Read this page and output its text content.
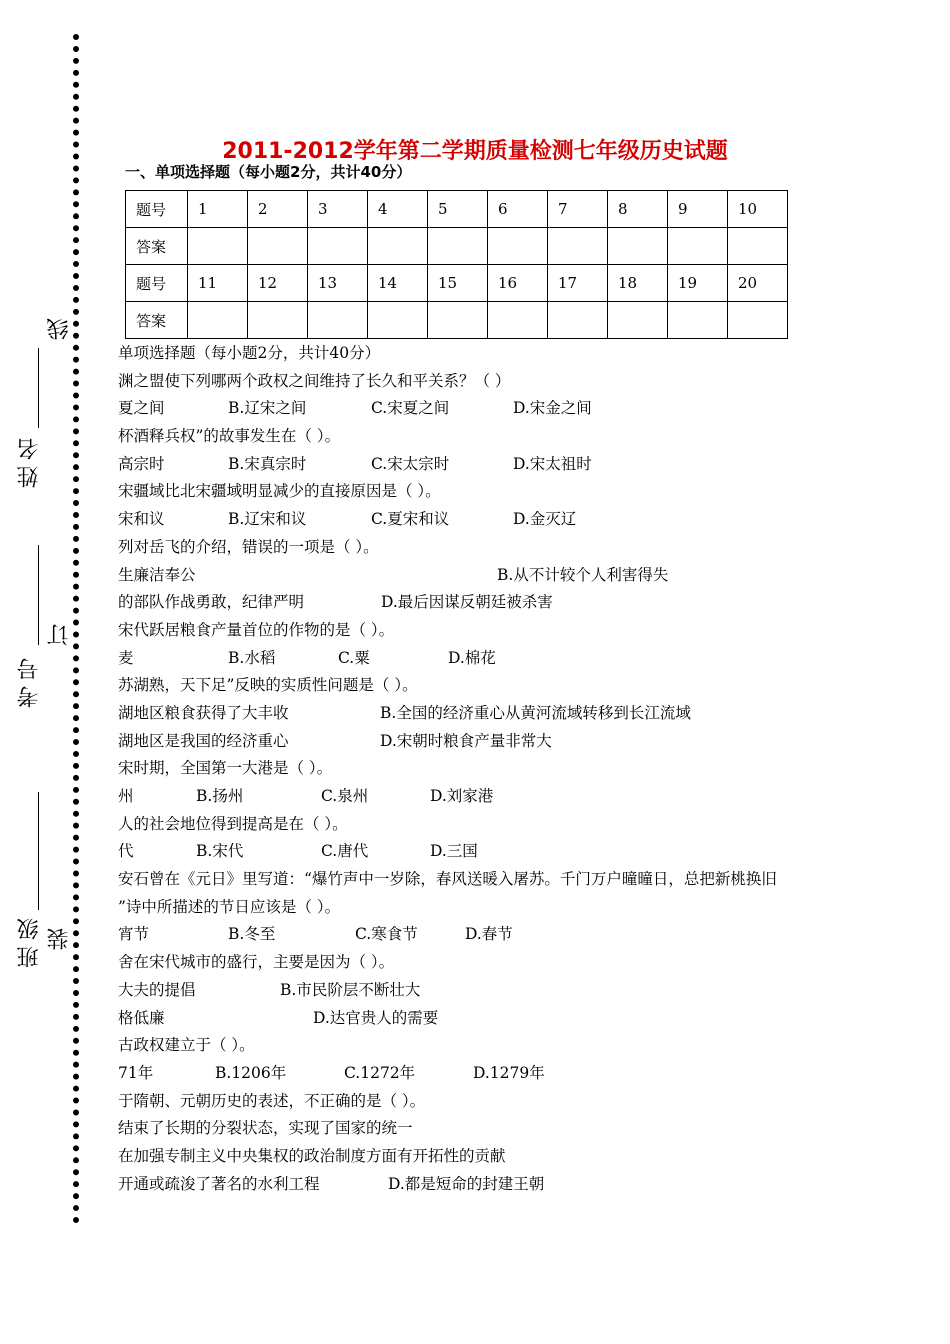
姓名
线
考号
订
班级 装
2011-2012学年第二学期质量检测七年级历史试题
一、单项选择题（每小题2分，共计40分）
题号	1	2	3	4	5	6	7	8	9	10
答案										
题号	11	12	13	14	15	16	17	18	19	20
答案										
单项选择题（每小题2分，共计40分）
渊之盟使下列哪两个政权之间维持了长久和平关系？（ ）
夏之间	B.辽宋之间	C.宋夏之间	D.宋金之间
杯酒释兵权”的故事发生在（ ）。
高宗时	B.宋真宗时	C.宋太宗时	D.宋太祖时
宋疆域比北宋疆域明显减少的直接原因是（ ）。
宋和议	B.辽宋和议	C.夏宋和议	D.金灭辽
列对岳飞的介绍，错误的一项是（ ）。
生廉洁奉公	B.从不计较个人利害得失
的部队作战勇敢，纪律严明	D.最后因谋反朝廷被杀害
宋代跃居粮食产量首位的作物的是（ ）。
麦	B.水稻	C.粟	D.棉花
苏湖熟，天下足”反映的实质性问题是（ ）。
湖地区粮食获得了大丰收	B.全国的经济重心从黄河流域转移到长江流域
湖地区是我国的经济重心	D.宋朝时粮食产量非常大
宋时期，全国第一大港是（ ）。
州	B.扬州	C.泉州	D.刘家港
人的社会地位得到提高是在（ ）。
代	B.宋代	C.唐代	D.三国
安石曾在《元日》里写道：“爆竹声中一岁除，春风送暖入屠苏。千门万户曈曈日，总把新桃换旧
”诗中所描述的节日应该是（ ）。
宵节	B.冬至	C.寒食节	D.春节
舍在宋代城市的盛行，主要是因为（ ）。
大夫的提倡	B.市民阶层不断壮大
格低廉	D.达官贵人的需要
古政权建立于（ ）。
71年	B.1206年	C.1272年	D.1279年
于隋朝、元朝历史的表述，不正确的是（ ）。
结束了长期的分裂状态，实现了国家的统一
在加强专制主义中央集权的政治制度方面有开拓性的贡献
开通或疏浚了著名的水利工程	D.都是短命的封建王朝
